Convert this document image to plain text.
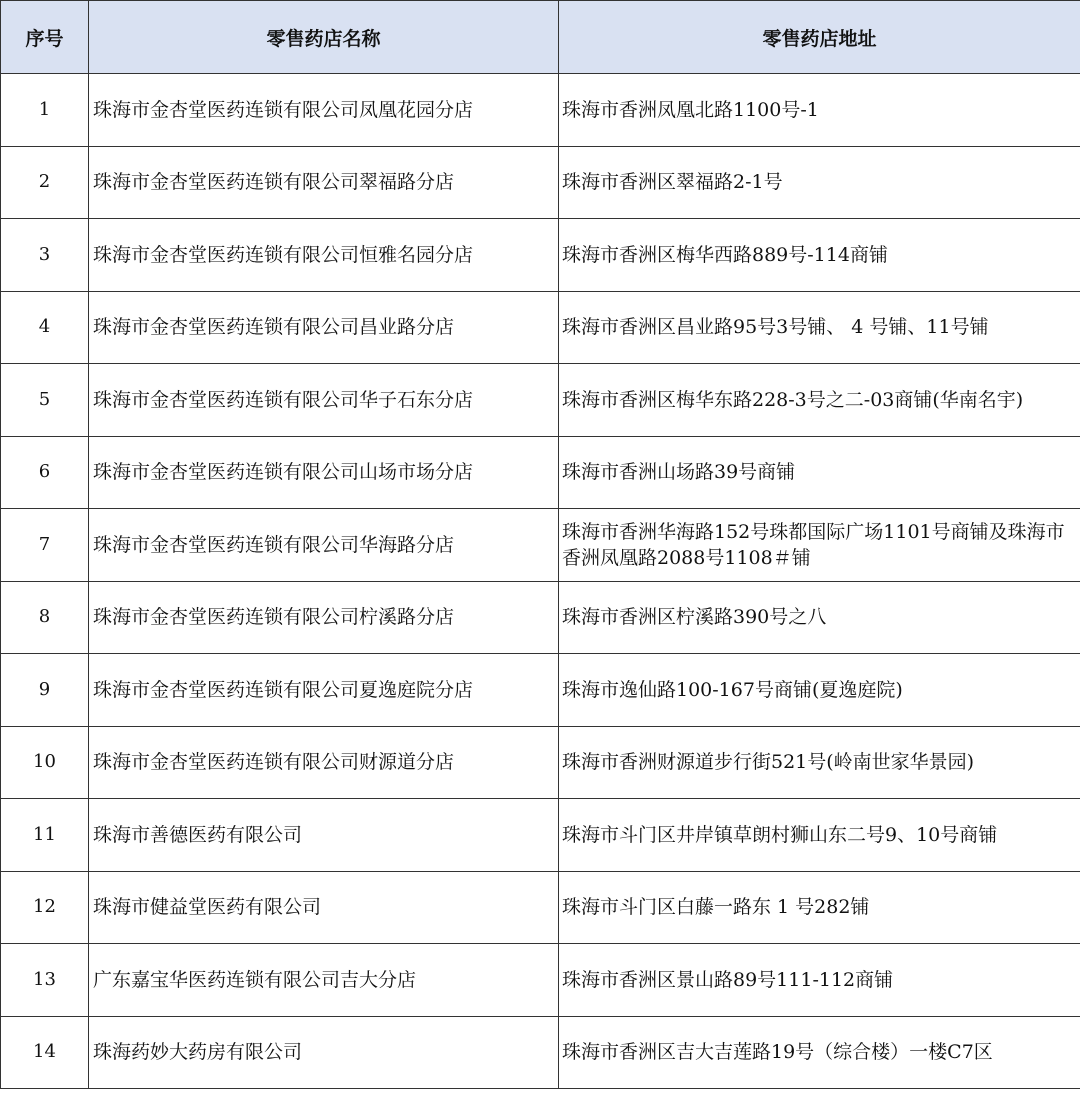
序号	零售药店名称	零售药店地址
1	珠海市金杏堂医药连锁有限公司凤凰花园分店	珠海市香洲凤凰北路1100号-1
2	珠海市金杏堂医药连锁有限公司翠福路分店	珠海市香洲区翠福路2-1号
3	珠海市金杏堂医药连锁有限公司恒雅名园分店	珠海市香洲区梅华西路889号-114商铺
4	珠海市金杏堂医药连锁有限公司昌业路分店	珠海市香洲区昌业路95号3号铺、 4 号铺、11号铺
5	珠海市金杏堂医药连锁有限公司华子石东分店	珠海市香洲区梅华东路228-3号之二-03商铺(华南名宇)
6	珠海市金杏堂医药连锁有限公司山场市场分店	珠海市香洲山场路39号商铺
7	珠海市金杏堂医药连锁有限公司华海路分店	珠海市香洲华海路152号珠都国际广场1101号商铺及珠海市香洲凤凰路2088号1108＃铺
8	珠海市金杏堂医药连锁有限公司柠溪路分店	珠海市香洲区柠溪路390号之八
9	珠海市金杏堂医药连锁有限公司夏逸庭院分店	珠海市逸仙路100-167号商铺(夏逸庭院)
10	珠海市金杏堂医药连锁有限公司财源道分店	珠海市香洲财源道步行街521号(岭南世家华景园)
11	珠海市善德医药有限公司	珠海市斗门区井岸镇草朗村狮山东二号9、10号商铺
12	珠海市健益堂医药有限公司	珠海市斗门区白藤一路东 1 号282铺
13	广东嘉宝华医药连锁有限公司吉大分店	珠海市香洲区景山路89号111-112商铺
14	珠海药妙大药房有限公司	珠海市香洲区吉大吉莲路19号（综合楼）一楼C7区
